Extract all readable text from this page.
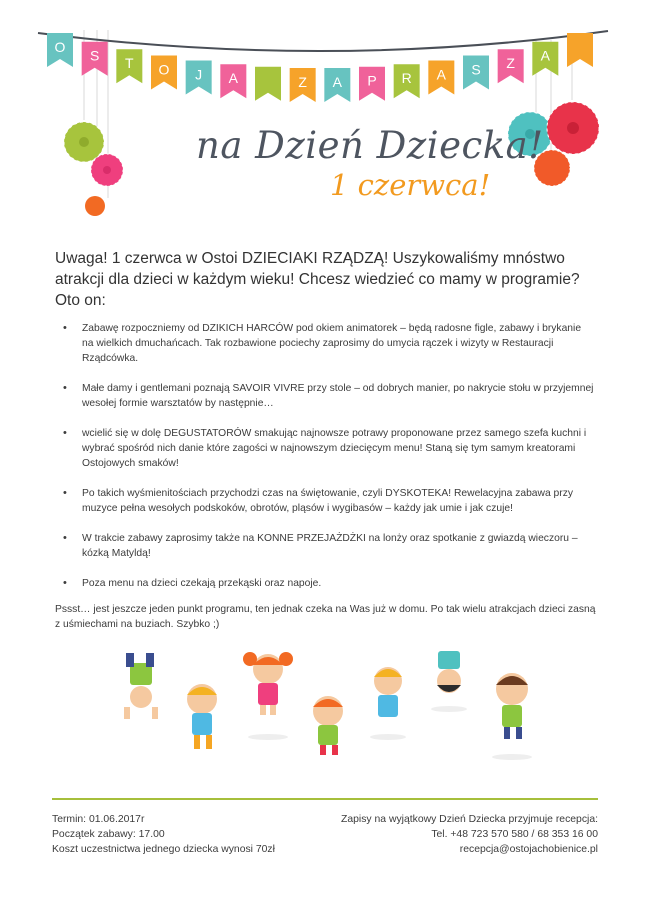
O
S T O J A	Z A P R A S Z A
na Dzień Dziecka!
1 czerwca!
Uwaga! 1 czerwca w Ostoi DZIECIAKI RZĄDZĄ! Uszykowaliśmy mnóstwo atrakcji dla dzieci w każdym wieku! Chcesz wiedzieć co mamy w programie? Oto on:
• Zabawę rozpoczniemy od DZIKICH HARCÓW pod okiem animatorek – będą radosne figle, zabawy i brykanie na wielkich dmuchańcach. Tak rozbawione pociechy zaprosimy do umycia rączek i wizyty w Restauracji Rządcówka.
• Małe damy i gentlemani poznają SAVOIR VIVRE przy stole – od dobrych manier, po nakrycie stołu w przyjemnej wesołej formie warsztatów by następnie…
• wcielić się w dolę DEGUSTATORÓW smakując najnowsze potrawy proponowane przez samego szefa kuchni i wybrać spośród nich danie które zagości w najnowszym dziecięcym menu! Staną się tym samym kreatorami Ostojowych smaków!
• Po takich wyśmienitościach przychodzi czas na świętowanie, czyli DYSKOTEKA! Rewelacyjna zabawa przy muzyce pełna wesołych podskoków, obrotów, pląsów i wygibasów – każdy jak umie i jak czuje!
• W trakcie zabawy zaprosimy także na KONNE PRZEJAŻDŻKI na lonży oraz spotkanie z gwiazdą wieczoru – kózką Matyldą!
• Poza menu na dzieci czekają przekąski oraz napoje.
Pssst… jest jeszcze jeden punkt programu, ten jednak czeka na Was już w domu. Po tak wielu atrakcjach dzieci zasną z uśmiechami na buziach. Szybko ;)
Termin: 01.06.2017r
Początek zabawy: 17.00
Koszt uczestnictwa jednego dziecka wynosi 70zł
Zapisy na wyjątkowy Dzień Dziecka przyjmuje recepcja:
Tel. +48 723 570 580 / 68 353 16 00
recepcja@ostojachobienice.pl
